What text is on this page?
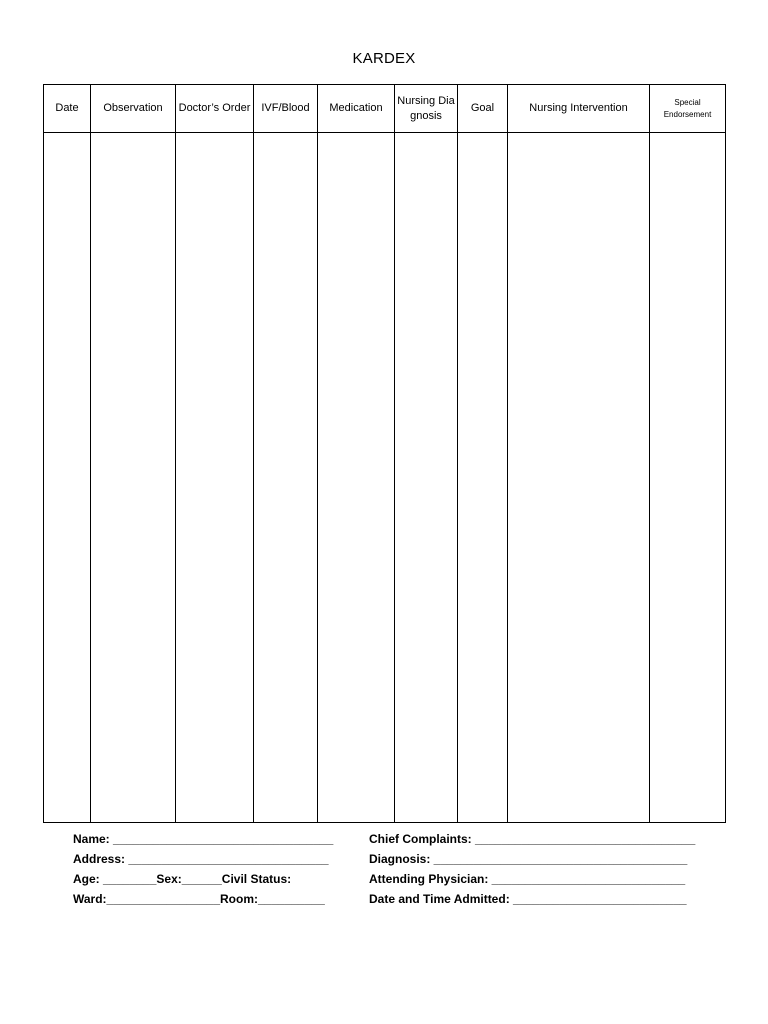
KARDEX
Date	Observation	Doctor’s Order	IVF/Blood	Medication	Nursing Diagnosis	Goal	Nursing Intervention	Special Endorsement

Name: _________________________________
Address: ______________________________
Age: ________Sex:______Civil Status:
Ward:_________________Room:__________
Chief Complaints: _________________________________
Diagnosis: ______________________________________
Attending Physician: _____________________________
Date and Time Admitted: __________________________
